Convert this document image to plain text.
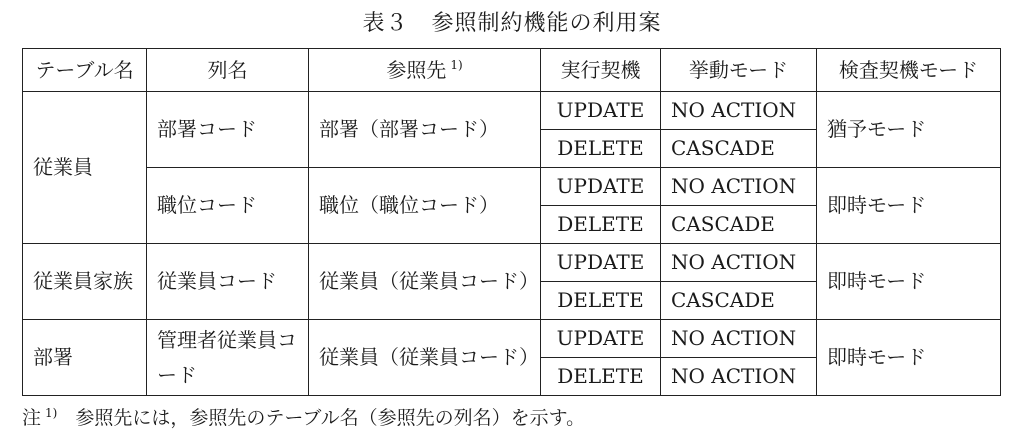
表３　参照制約機能の利用案
テーブル名	列名	参照先 $^{1)}$	実行契機	挙動モード	検査契機モード
従業員	部署コード	部署（部署コード）	UPDATE	NO ACTION	猶予モード
			DELETE	CASCADE	
	職位コード	職位（職位コード）	UPDATE	NO ACTION	即時モード
			DELETE	CASCADE	
従業員家族	従業員コード	従業員（従業員コード）	UPDATE	NO ACTION	即時モード
			DELETE	CASCADE	
部署	管理者従業員コード	従業員（従業員コード）	UPDATE	NO ACTION	即時モード
			DELETE	NO ACTION	
注 $^{1)}$ 参照先には，参照先のテーブル名（参照先の列名）を示す。
